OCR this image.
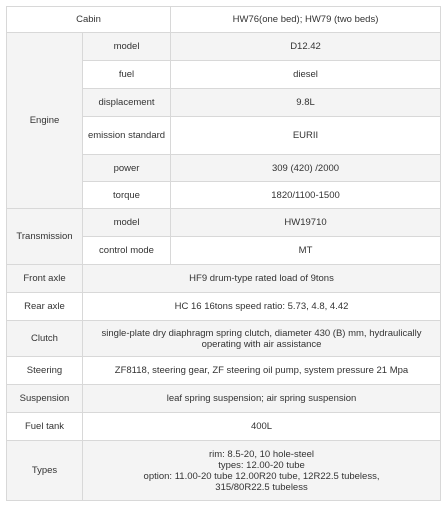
Cabin		HW76(one bed); HW79 (two beds)
Engine	model	D12.42
	fuel	diesel
	displacement	9.8L
	emission standard	EURII
	power	309 (420) /2000
	torque	1820/1100-1500
Transmission	model	HW19710
	control mode	MT
Front axle	HF9 drum-type rated load of 9tons	
Rear axle	HC 16 16tons speed ratio: 5.73, 4.8, 4.42	
Clutch	single-plate dry diaphragm spring clutch, diameter 430 (B) mm, hydraulically operating with air assistance	
Steering	ZF8118, steering gear, ZF steering oil pump, system pressure 21 Mpa	
Suspension	leaf spring suspension; air spring suspension	
Fuel tank	400L	
Types	rim: 8.5-20, 10 hole-steel
types: 12.00-20 tube
option: 11.00-20 tube 12.00R20 tube, 12R22.5 tubeless,
315/80R22.5 tubeless	
